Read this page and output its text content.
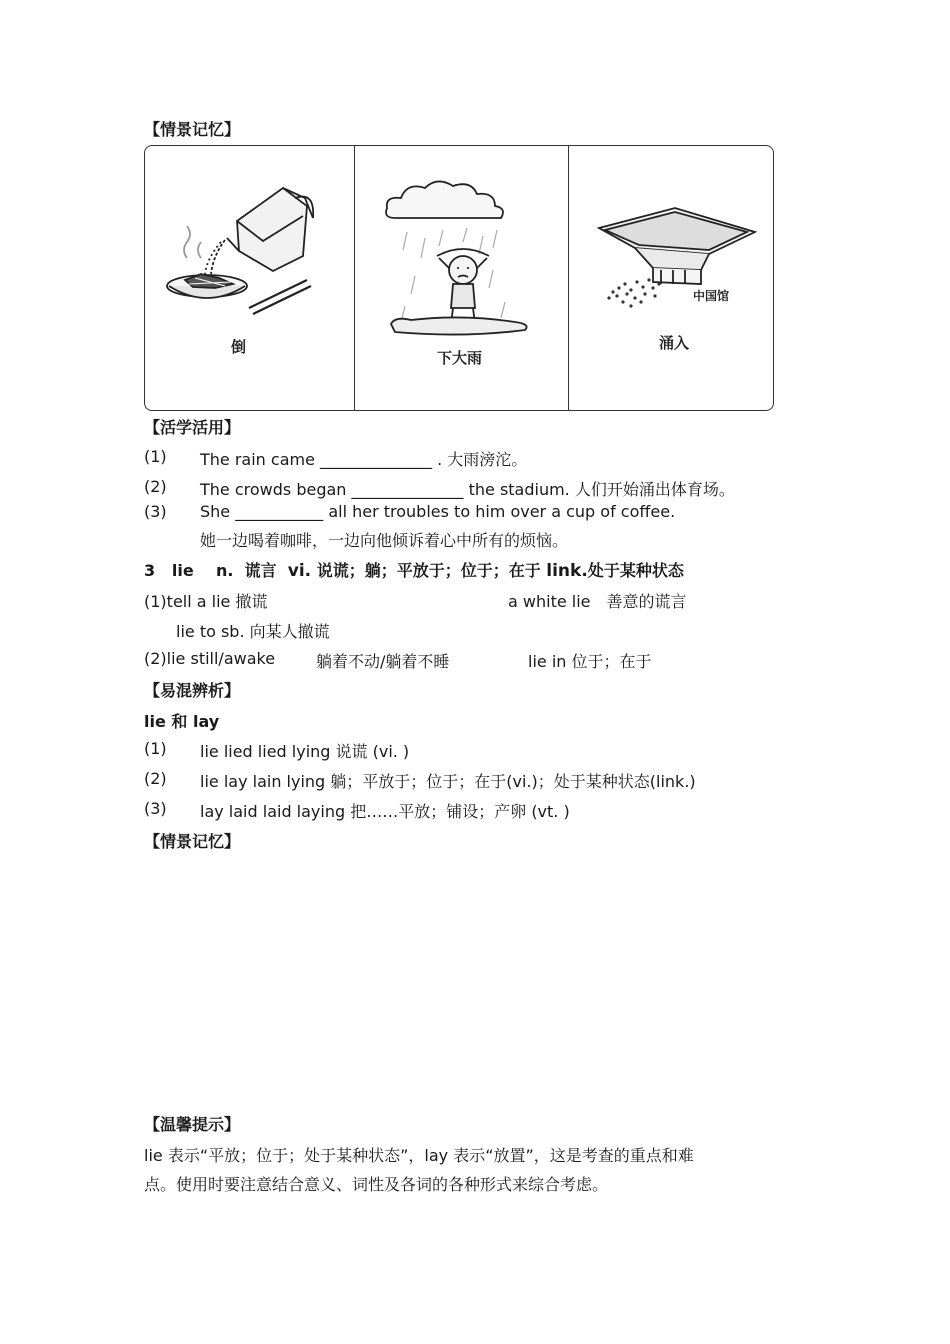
【情景记忆】
倒
下大雨
中国馆
涌入
【活学活用】
(1) The rain came ______________ . 大雨滂沱。
(2) The crowds began ______________ the stadium. 人们开始涌出体育场。
(3) She ___________ all her troubles to him over a cup of coffee.
她一边喝着咖啡，一边向他倾诉着心中所有的烦恼。
3 lie n. 谎言 vi. 说谎；躺；平放于；位于；在于 link.处于某种状态
(1)tell a lie 撤谎	a white lie　善意的谎言
lie to sb. 向某人撤谎
(2)lie still/awake	躺着不动/躺着不睡	lie in 位于；在于
【易混辨析】
lie 和 lay
(1) lie lied lied lying 说谎 (vi. )
(2) lie lay lain lying 躺；平放于；位于；在于(vi.)；处于某种状态(link.)
(3) lay laid laid laying 把……平放；铺设；产卵 (vt. )
【情景记忆】
【温馨提示】
lie 表示“平放；位于；处于某种状态”，lay 表示“放置”，这是考查的重点和难
点。使用时要注意结合意义、词性及各词的各种形式来综合考虑。
